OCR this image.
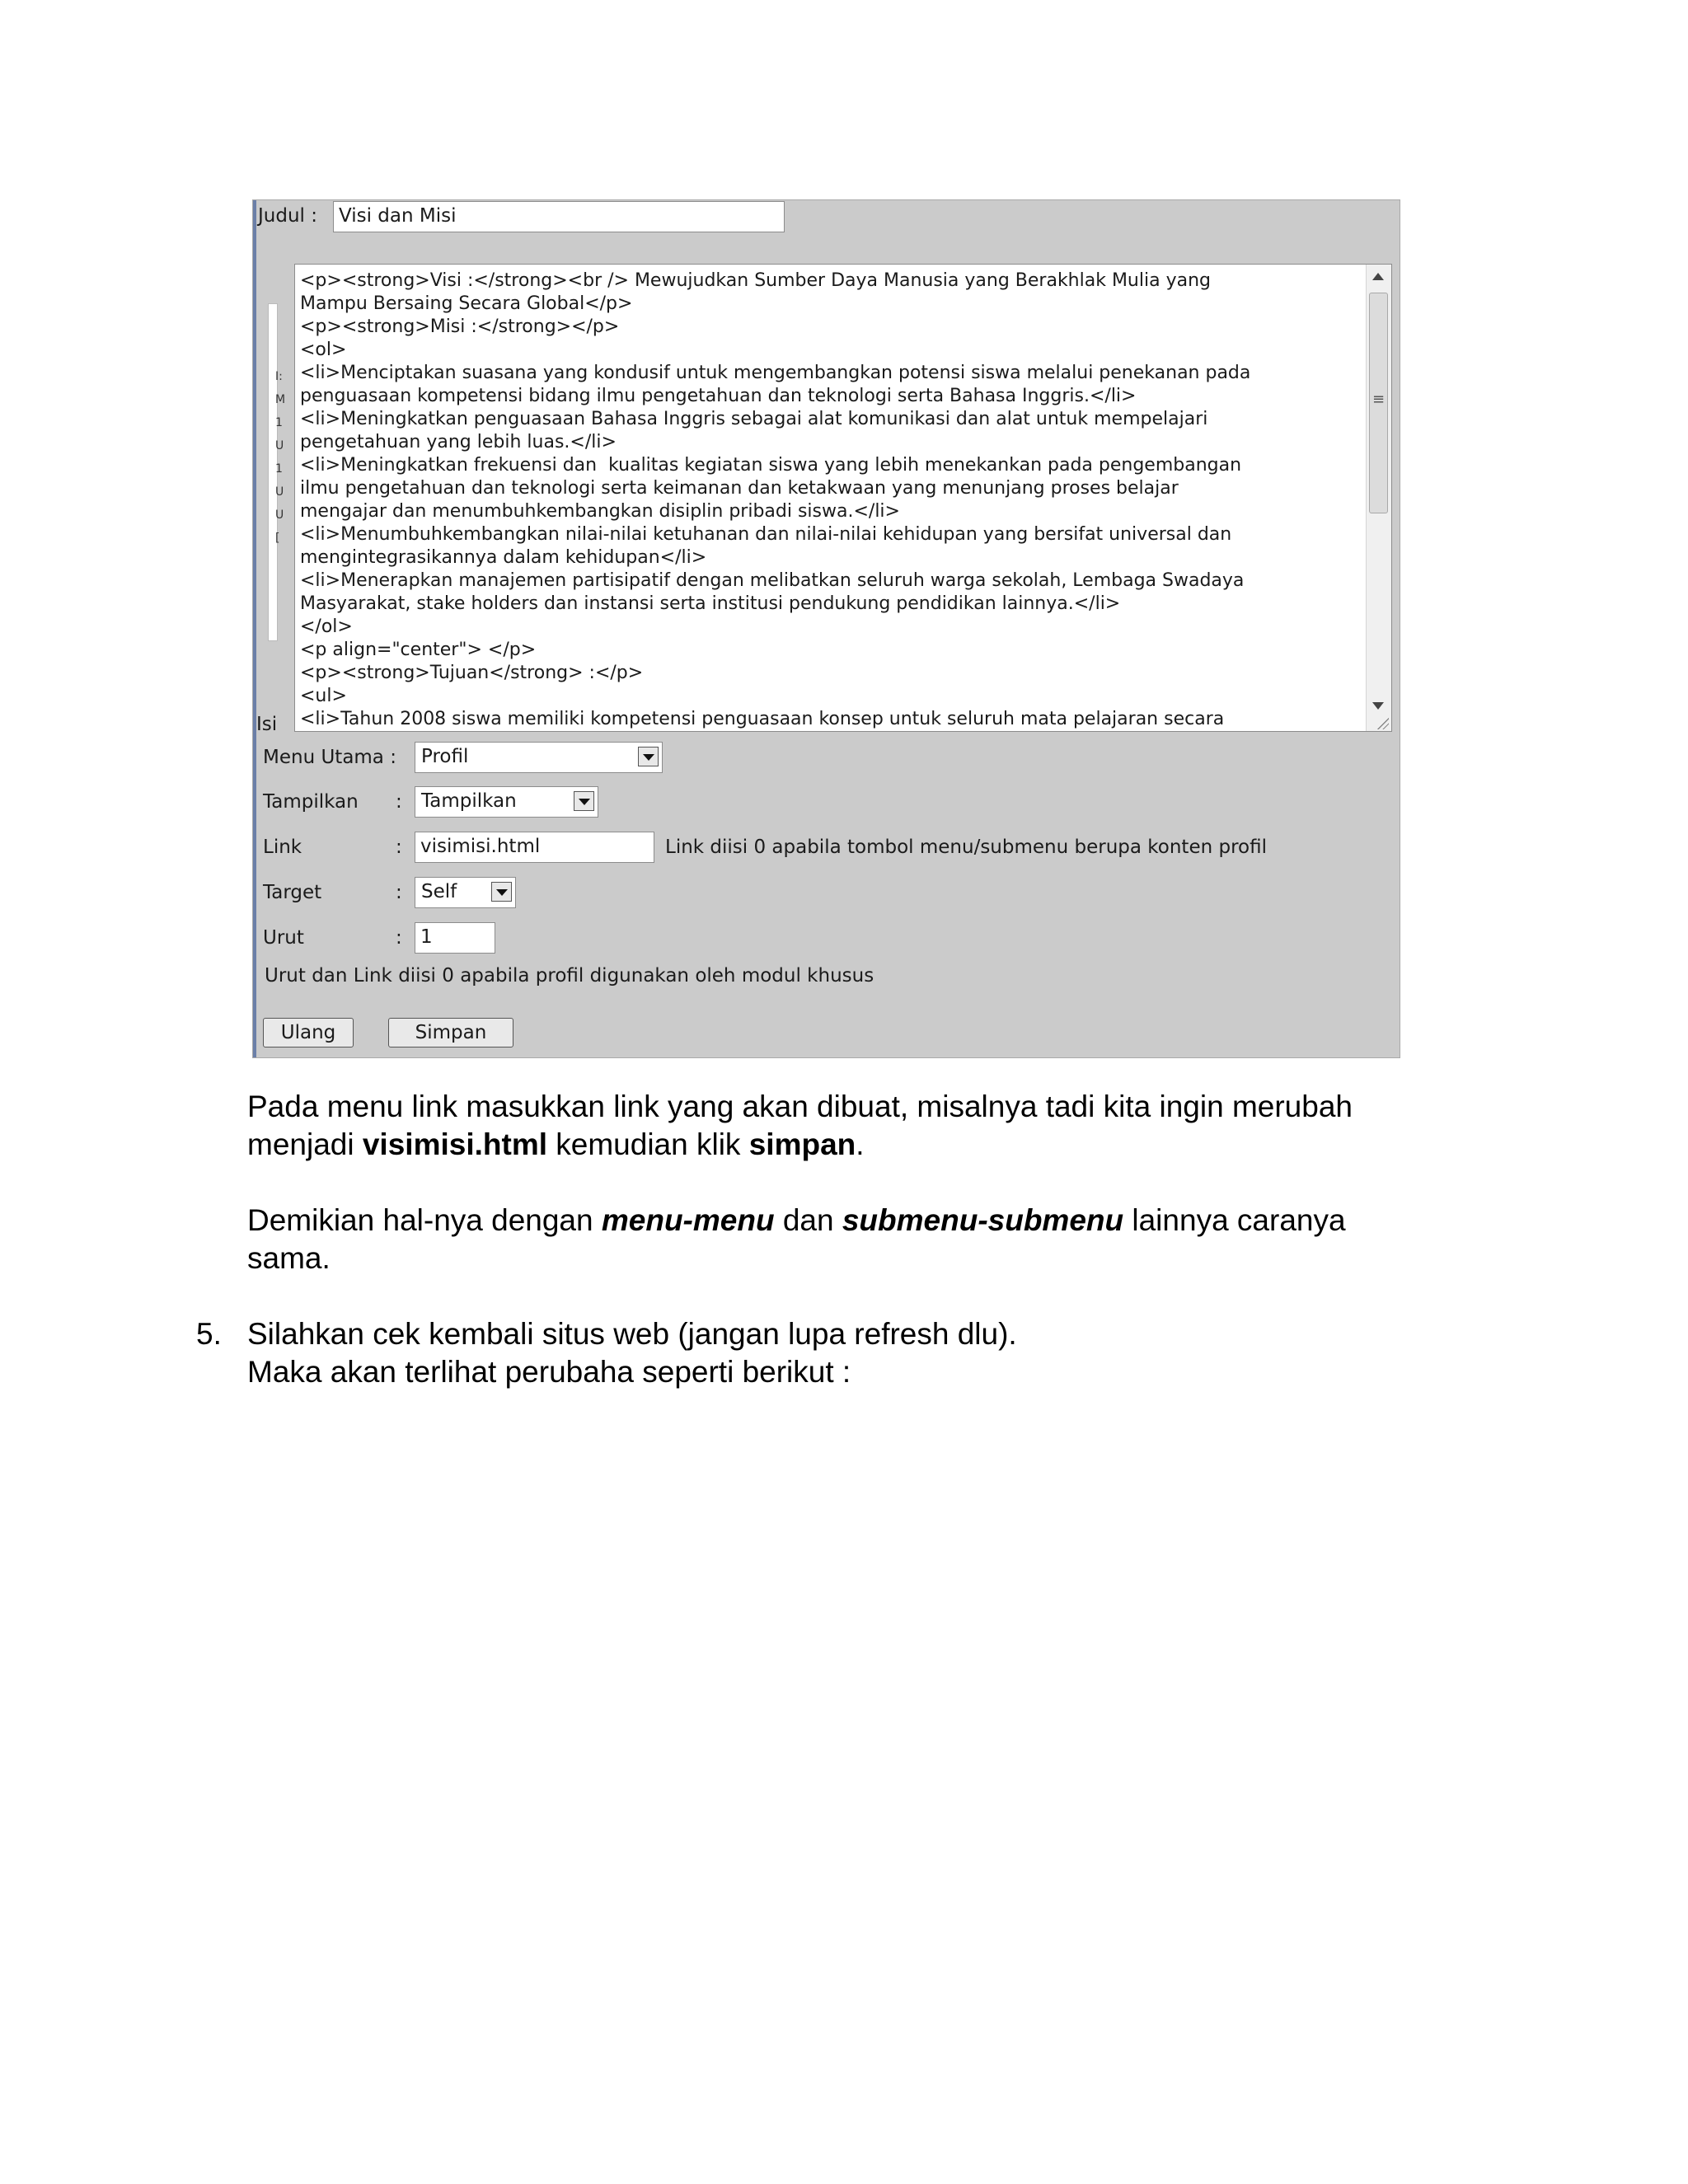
Judul :	Visi dan Misi
I:
M
1
U
1
U
U
[
<p><strong>Visi :</strong><br /> Mewujudkan Sumber Daya Manusia yang Berakhlak Mulia yang
Mampu Bersaing Secara Global</p>
<p><strong>Misi :</strong></p>
<ol>
<li>Menciptakan suasana yang kondusif untuk mengembangkan potensi siswa melalui penekanan pada
penguasaan kompetensi bidang ilmu pengetahuan dan teknologi serta Bahasa Inggris.</li>
<li>Meningkatkan penguasaan Bahasa Inggris sebagai alat komunikasi dan alat untuk mempelajari
pengetahuan yang lebih luas.</li>
<li>Meningkatkan frekuensi dan  kualitas kegiatan siswa yang lebih menekankan pada pengembangan
ilmu pengetahuan dan teknologi serta keimanan dan ketakwaan yang menunjang proses belajar
mengajar dan menumbuhkembangkan disiplin pribadi siswa.</li>
<li>Menumbuhkembangkan nilai-nilai ketuhanan dan nilai-nilai kehidupan yang bersifat universal dan
mengintegrasikannya dalam kehidupan</li>
<li>Menerapkan manajemen partisipatif dengan melibatkan seluruh warga sekolah, Lembaga Swadaya
Masyarakat, stake holders dan instansi serta institusi pendukung pendidikan lainnya.</li>
</ol>
<p align="center"> </p>
<p><strong>Tujuan</strong> :</p>
<ul>
<li>Tahun 2008 siswa memiliki kompetensi penguasaan konsep untuk seluruh mata pelajaran secara
≡
Isi
Menu Utama : Profil
Tampilkan : Tampilkan
Link	: visimisi.html	Link diisi 0 apabila tombol menu/submenu berupa konten profil
Target	: Self
Urut	: 1
Urut dan Link diisi 0 apabila profil digunakan oleh modul khusus
Ulang	Simpan
Pada menu link masukkan link yang akan dibuat, misalnya tadi kita ingin merubah
menjadi visimisi.html kemudian klik simpan.
Demikian hal-nya dengan menu-menu dan submenu-submenu lainnya caranya
sama.
5. Silahkan cek kembali situs web (jangan lupa refresh dlu).
Maka akan terlihat perubaha seperti berikut :
